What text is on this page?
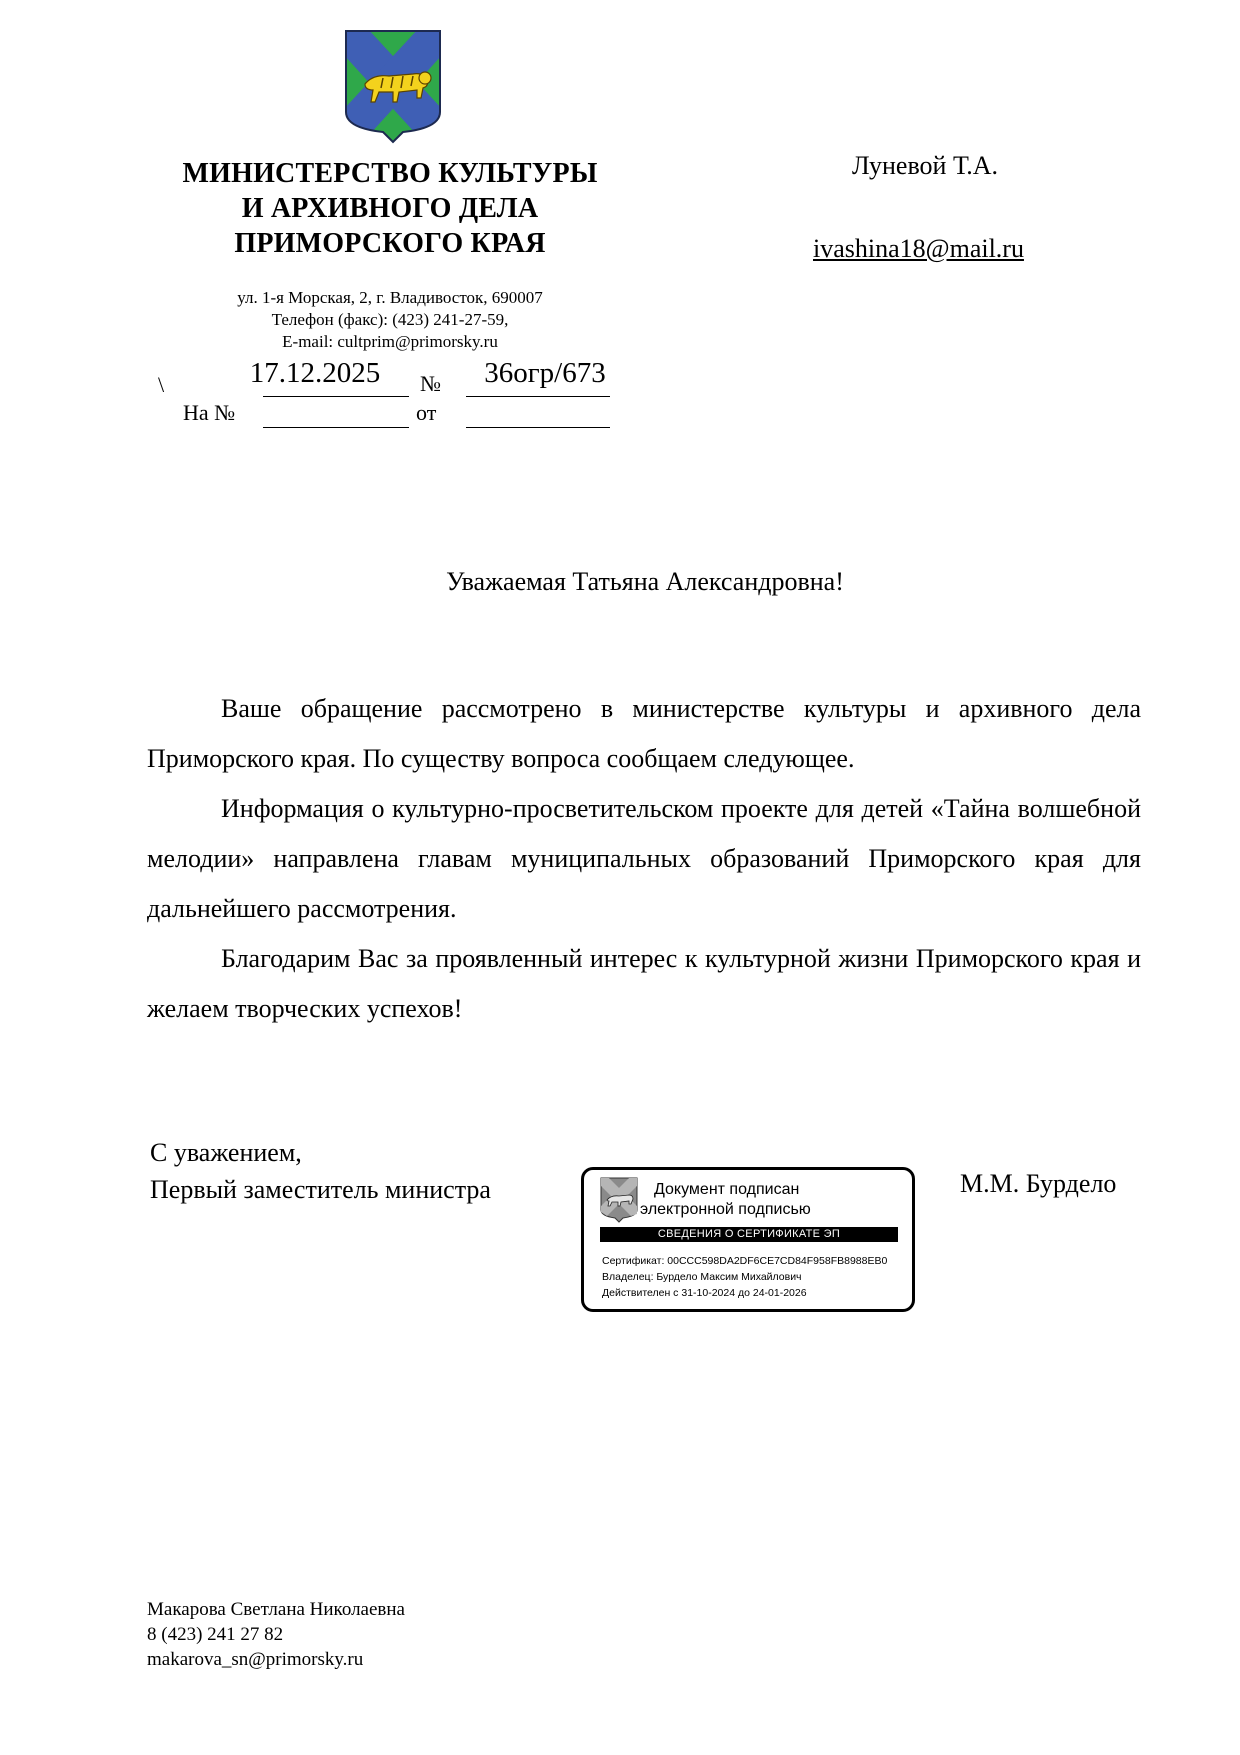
МИНИСТЕРСТВО КУЛЬТУРЫ
И АРХИВНОГО ДЕЛА
ПРИМОРСКОГО КРАЯ
ул. 1-я Морская, 2, г. Владивосток, 690007
Телефон (факс): (423) 241-27-59,
E-mail: cultprim@primorsky.ru
\	17.12.2025	№	36огр/673
На №	от
Луневой Т.А.
ivashina18@mail.ru
Уважаемая Татьяна Александровна!

Ваше обращение рассмотрено в министерстве культуры и архивного дела Приморского края. По существу вопроса сообщаем следующее.

Информация о культурно-просветительском проекте для детей «Тайна волшебной мелодии» направлена главам муниципальных образований Приморского края для дальнейшего рассмотрения.

Благодарим Вас за проявленный интерес к культурной жизни Приморского края и желаем творческих успехов!

С уважением,
Первый заместитель министра	Документ подписан
электронной подписью
СВЕДЕНИЯ О СЕРТИФИКАТЕ ЭП
Сертификат: 00CCC598DA2DF6CE7CD84F958FB8988EB0
Владелец: Бурдело Максим Михайлович
Действителен с 31-10-2024 до 24-01-2026
М.М. Бурдело
Макарова Светлана Николаевна
8 (423) 241 27 82
makarova_sn@primorsky.ru
